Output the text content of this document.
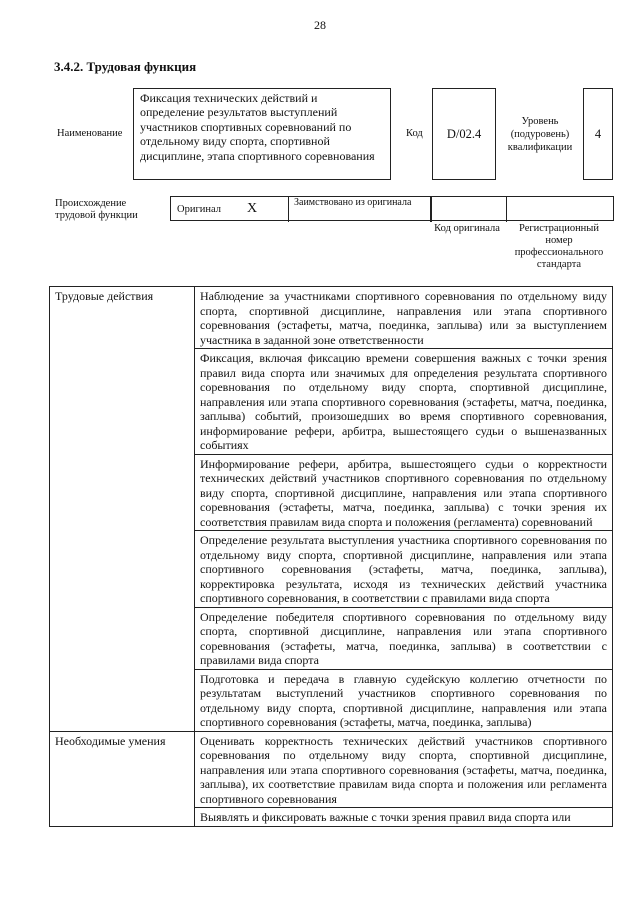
28
3.4.2. Трудовая функция
Наименование
Фиксация технических действий и определение результатов выступлений участников спортивных соревнований по отдельному виду спорта, спортивной дисциплине, этапа спортивного соревнования
Код D/02.4
Уровень (подуровень) квалификации
4
Происхождение трудовой функции
Оригинал X	Заимствовано из оригинала
Код оригинала	Регистрационный номер профессионального стандарта
Трудовые действия	Наблюдение за участниками спортивного соревнования по отдельному виду спорта, спортивной дисциплине, направления или этапа спортивного соревнования (эстафеты, матча, поединка, заплыва) или за выступлением участника в заданной зоне ответственности
	Фиксация, включая фиксацию времени совершения важных с точки зрения правил вида спорта или значимых для определения результата спортивного соревнования по отдельному виду спорта, спортивной дисциплине, направления или этапа спортивного соревнования (эстафеты, матча, поединка, заплыва) событий, произошедших во время спортивного соревнования, информирование рефери, арбитра, вышестоящего судьи о вышеназванных событиях
	Информирование рефери, арбитра, вышестоящего судьи о корректности технических действий участников спортивного соревнования по отдельному виду спорта, спортивной дисциплине, направления или этапа спортивного соревнования (эстафеты, матча, поединка, заплыва) с точки зрения их соответствия правилам вида спорта и положения (регламента) соревнований
	Определение результата выступления участника спортивного соревнования по отдельному виду спорта, спортивной дисциплине, направления или этапа спортивного соревнования (эстафеты, матча, поединка, заплыва), корректировка результата, исходя из технических действий участника спортивного соревнования, в соответствии с правилами вида спорта
	Определение победителя спортивного соревнования по отдельному виду спорта, спортивной дисциплине, направления или этапа спортивного соревнования (эстафеты, матча, поединка, заплыва) в соответствии с правилами вида спорта
	Подготовка и передача в главную судейскую коллегию отчетности по результатам выступлений участников спортивного соревнования по отдельному виду спорта, спортивной дисциплине, направления или этапа спортивного соревнования (эстафеты, матча, поединка, заплыва)
Необходимые умения	Оценивать корректность технических действий участников спортивного соревнования по отдельному виду спорта, спортивной дисциплине, направления или этапа спортивного соревнования (эстафеты, матча, поединка, заплыва), их соответствие правилам вида спорта и положения или регламента спортивного соревнования
	Выявлять и фиксировать важные с точки зрения правил вида спорта или
